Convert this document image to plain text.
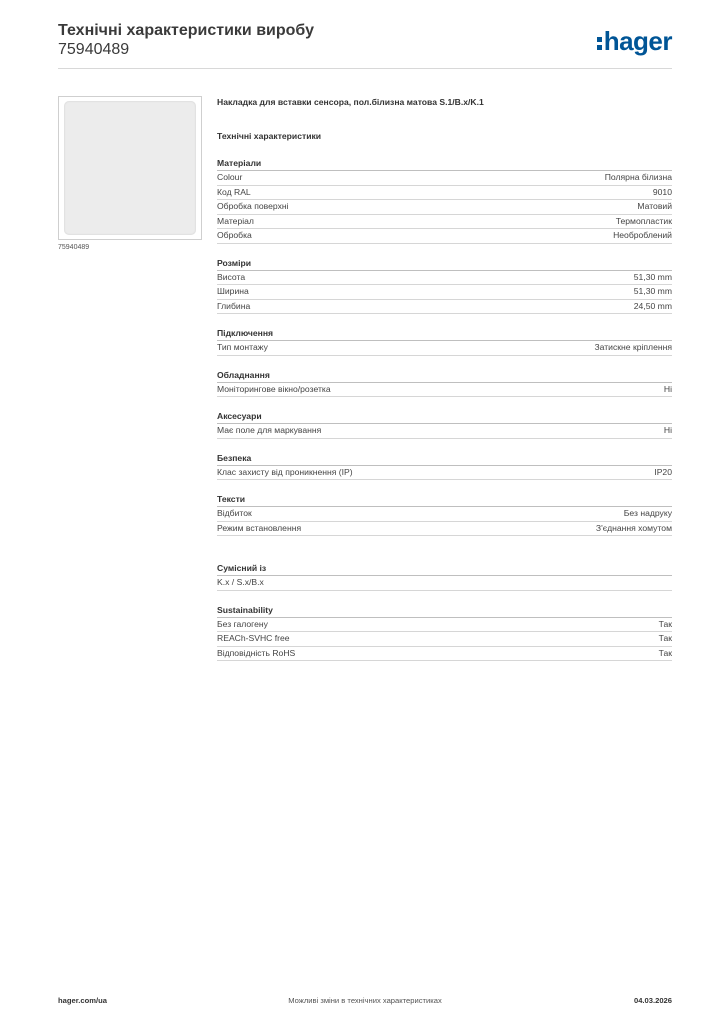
Технічні характеристики виробу
75940489	hager
75940489
Накладка для вставки сенсора, пол.білизна матова S.1/B.x/K.1
Технічні характеристики
Матеріали
Colour	Полярна білизна
Код RAL	9010
Обробка поверхні	Матовий
Матеріал	Термопластик
Обробка	Необроблений
Розміри
Висота	51,30 mm
Ширина	51,30 mm
Глибина	24,50 mm
Підключення
Тип монтажу	Затискне кріплення
Обладнання
Моніторингове вікно/розетка	Ні
Аксесуари
Має поле для маркування	Ні
Безпека
Клас захисту від проникнення (IP)	IP20
Тексти
Відбиток	Без надруку
Режим встановлення	З'єднання хомутом
Сумісний із
K.x / S.x/B.x
Sustainability
Без галогену	Так
REACh-SVHC free	Так
Відповідність RoHS	Так
hager.com/ua	Можливі зміни в технічних характеристиках	04.03.2026
